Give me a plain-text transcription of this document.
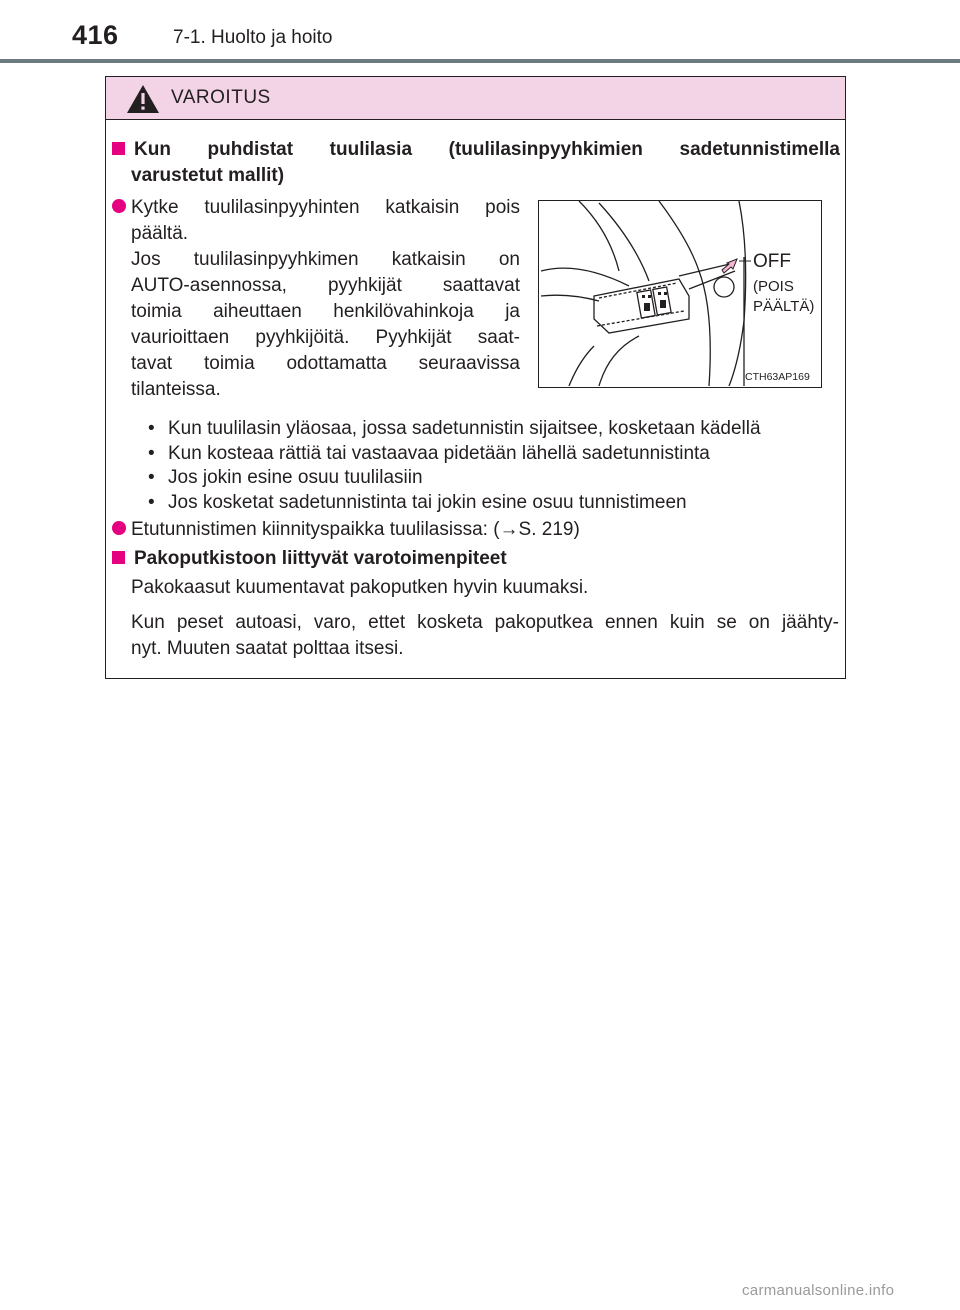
416	7-1. Huolto ja hoito
VAROITUS
Kun puhdistat tuulilasia (tuulilasinpyyhkimien sadetunnistimella
varustetut mallit)
Kytke tuulilasinpyyhinten katkaisin pois
päältä.
Jos tuulilasinpyyhkimen katkaisin on
AUTO-asennossa, pyyhkijät saattavat
toimia aiheuttaen henkilövahinkoja ja
vaurioittaen pyyhkijöitä. Pyyhkijät saat-
tavat toimia odottamatta seuraavissa
tilanteissa.
OFF
(POIS
PÄÄLTÄ)
CTH63AP169
• Kun tuulilasin yläosaa, jossa sadetunnistin sijaitsee, kosketaan kädellä
• Kun kosteaa rättiä tai vastaavaa pidetään lähellä sadetunnistinta
• Jos jokin esine osuu tuulilasiin
• Jos kosketat sadetunnistinta tai jokin esine osuu tunnistimeen
Etutunnistimen kiinnityspaikka tuulilasissa: (→S. 219)
Pakoputkistoon liittyvät varotoimenpiteet
Pakokaasut kuumentavat pakoputken hyvin kuumaksi.
Kun peset autoasi, varo, ettet kosketa pakoputkea ennen kuin se on jäähty-
nyt. Muuten saatat polttaa itsesi.
carmanualsonline.info
